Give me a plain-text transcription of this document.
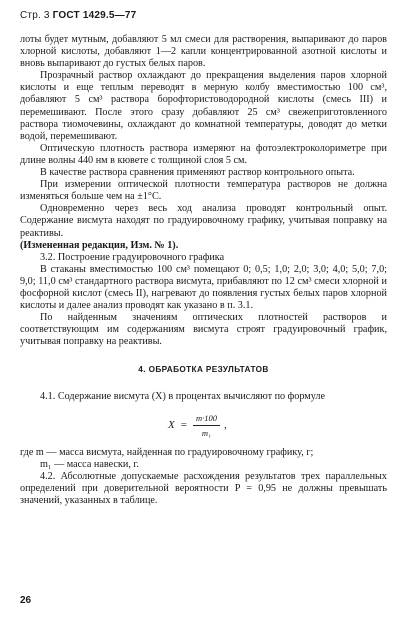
Стр. 3 ГОСТ 1429.5—77

лоты будет мутным, добавляют 5 мл смеси для растворения, выпаривают до паров хлорной кислоты, добавляют 1—2 капли концентрированной азотной кислоты и вновь выпаривают до густых белых паров.

Прозрачный раствор охлаждают до прекращения выделения паров хлорной кислоты и еще теплым переводят в мерную колбу вместимостью 100 см³, добавляют 5 см³ раствора борофтористоводородной кислоты (смесь III) и перемешивают. После этого сразу добавляют 25 см³ свежеприготовленного раствора тиомочевины, охлаждают до комнатной температуры, доводят до метки водой, перемешивают.

Оптическую плотность раствора измеряют на фотоэлектроколориметре при длине волны 440 нм в кювете с толщиной слоя 5 см.

В качестве раствора сравнения применяют раствор контрольного опыта.

При измерении оптической плотности температура растворов не должна изменяться больше чем на ±1°С.

Одновременно через весь ход анализа проводят контрольный опыт. Содержание висмута находят по градуировочному графику, учитывая поправку на реактивы.

(Измененная редакция, Изм. № 1).

3.2. Построение градуировочного графика

В стаканы вместимостью 100 см³ помещают 0; 0,5; 1,0; 2,0; 3,0; 4,0; 5,0; 7,0; 9,0; 11,0 см³ стандартного раствора висмута, прибавляют по 12 см³ смеси хлорной и фосфорной кислот (смесь II), нагревают до появления густых белых паров хлорной кислоты и далее анализ проводят как указано в п. 3.1.

По найденным значениям оптических плотностей растворов и соответствующим им содержаниям висмута строят градуировочный график, учитывая поправку на реактивы.

4. ОБРАБОТКА РЕЗУЛЬТАТОВ

4.1. Содержание висмута (X) в процентах вычисляют по формуле

$X = \frac{m\cdot 100}{\text{m₁}}$ ,

где m — масса висмута, найденная по градуировочному графику, г;

m₁ — масса навески, г.

4.2. Абсолютные допускаемые расхождения результатов трех параллельных определений при доверительной вероятности P = 0,95 не должны превышать значений, указанных в таблице.

26
